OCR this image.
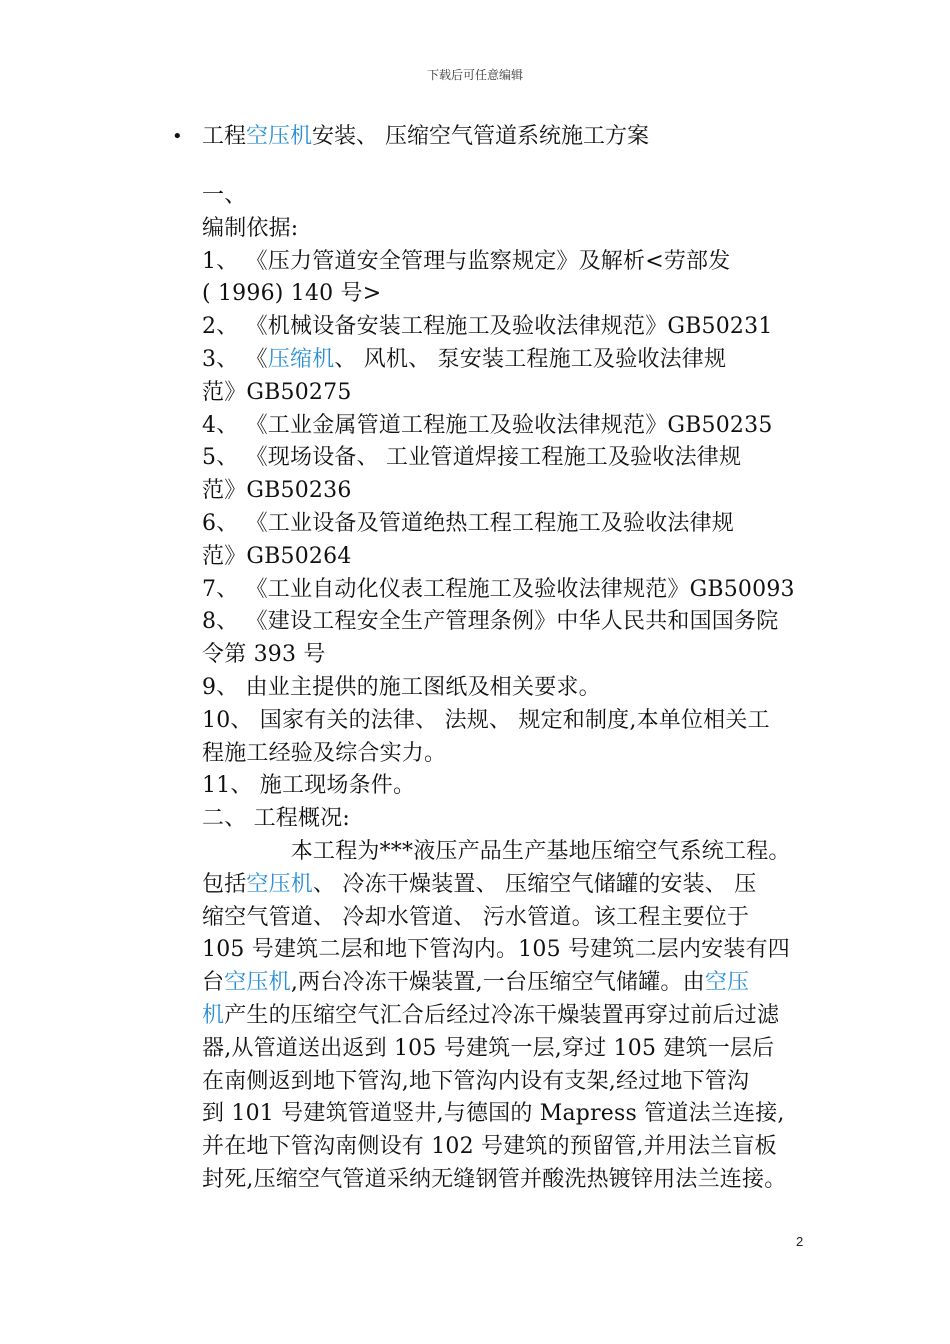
下载后可任意编辑
• 工程空压机安装、 压缩空气管道系统施工方案
一、
编制依据:
1、 《压力管道安全管理与监察规定》及解析<劳部发
( 1996) 140 号>
2、 《机械设备安装工程施工及验收法律规范》GB50231
3、 《压缩机、 风机、 泵安装工程施工及验收法律规
范》GB50275
4、 《工业金属管道工程施工及验收法律规范》GB50235
5、 《现场设备、 工业管道焊接工程施工及验收法律规
范》GB50236
6、 《工业设备及管道绝热工程工程施工及验收法律规
范》GB50264
7、 《工业自动化仪表工程施工及验收法律规范》GB50093
8、 《建设工程安全生产管理条例》中华人民共和国国务院
令第 393 号
9、 由业主提供的施工图纸及相关要求。
10、 国家有关的法律、 法规、 规定和制度,本单位相关工
程施工经验及综合实力。
11、 施工现场条件。
二、 工程概况:
　　　　本工程为***液压产品生产基地压缩空气系统工程。
包括空压机、 冷冻干燥装置、 压缩空气储罐的安装、 压
缩空气管道、 冷却水管道、 污水管道。该工程主要位于
105 号建筑二层和地下管沟内。105 号建筑二层内安装有四
台空压机,两台冷冻干燥装置,一台压缩空气储罐。由空压
机产生的压缩空气汇合后经过冷冻干燥装置再穿过前后过滤
器,从管道送出返到 105 号建筑一层,穿过 105 建筑一层后
在南侧返到地下管沟,地下管沟内设有支架,经过地下管沟
到 101 号建筑管道竖井,与德国的 Mapress 管道法兰连接,
并在地下管沟南侧设有 102 号建筑的预留管,并用法兰盲板
封死,压缩空气管道采纳无缝钢管并酸洗热镀锌用法兰连接。
2
